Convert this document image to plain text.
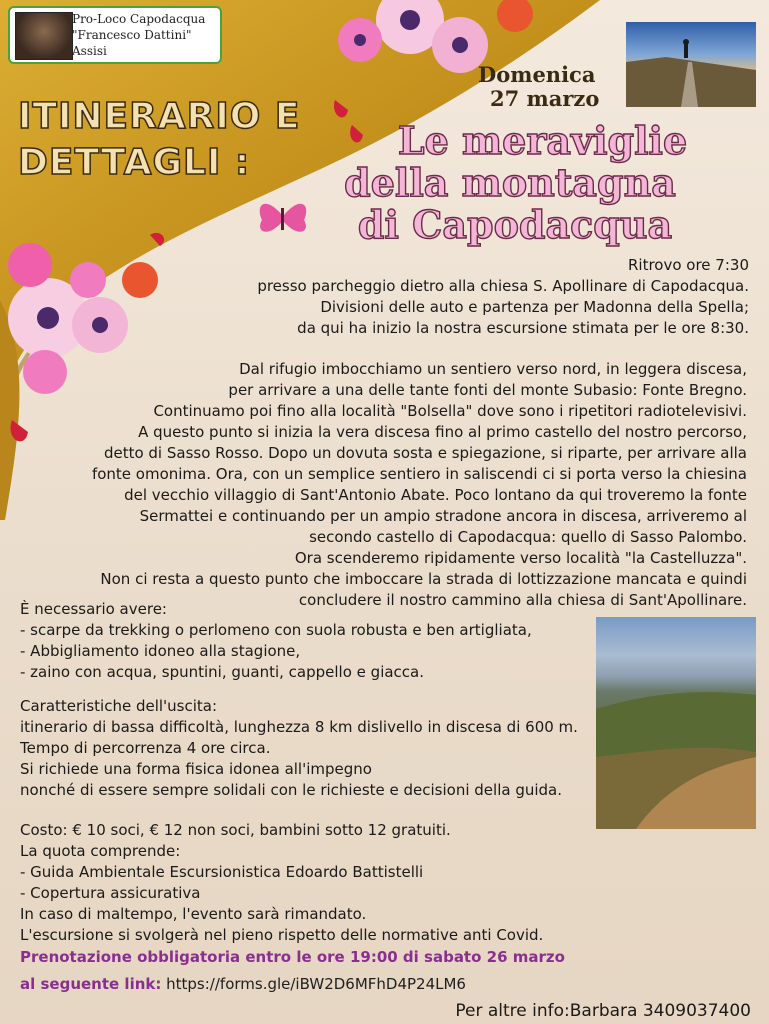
Pro-Loco Capodacqua
"Francesco Dattini"
Assisi
Domenica
27 marzo
ITINERARIO E
DETTAGLI :	Le meraviglie
della montagna
di Capodacqua
Ritrovo ore 7:30
presso parcheggio dietro alla chiesa S. Apollinare di Capodacqua.
Divisioni delle auto e partenza per Madonna della Spella;
da qui ha inizio la nostra escursione stimata per le ore 8:30.
Dal rifugio imbocchiamo un sentiero verso nord, in leggera discesa,
per arrivare a una delle tante fonti del monte Subasio: Fonte Bregno.
Continuamo poi fino alla località "Bolsella" dove sono i ripetitori radiotelevisivi.
A questo punto si inizia la vera discesa fino al primo castello del nostro percorso,
detto di Sasso Rosso. Dopo un dovuta sosta e spiegazione, si riparte, per arrivare alla
fonte omonima. Ora, con un semplice sentiero in saliscendi ci si porta verso la chiesina
del vecchio villaggio di Sant'Antonio Abate. Poco lontano da qui troveremo la fonte
Sermattei e continuando per un ampio stradone ancora in discesa, arriveremo al
secondo castello di Capodacqua: quello di Sasso Palombo.
Ora scenderemo ripidamente verso località "la Castelluzza".
Non ci resta a questo punto che imboccare la strada di lottizzazione mancata e quindi
concludere il nostro cammino alla chiesa di Sant'Apollinare.
È necessario avere:
- scarpe da trekking o perlomeno con suola robusta e ben artigliata,
- Abbigliamento idoneo alla stagione,
- zaino con acqua, spuntini, guanti, cappello e giacca.
Caratteristiche dell'uscita:
itinerario di bassa difficoltà, lunghezza 8 km dislivello in discesa di 600 m.
Tempo di percorrenza 4 ore circa.
Si richiede una forma fisica idonea all'impegno
nonché di essere sempre solidali con le richieste e decisioni della guida.
Costo: € 10 soci, € 12 non soci, bambini sotto 12 gratuiti.
La quota comprende:
- Guida Ambientale Escursionistica Edoardo Battistelli
- Copertura assicurativa
In caso di maltempo, l'evento sarà rimandato.
L'escursione si svolgerà nel pieno rispetto delle normative anti Covid.
Prenotazione obbligatoria entro le ore 19:00 di sabato 26 marzo
al seguente link: https://forms.gle/iBW2D6MFhD4P24LM6
Per altre info:Barbara 3409037400
